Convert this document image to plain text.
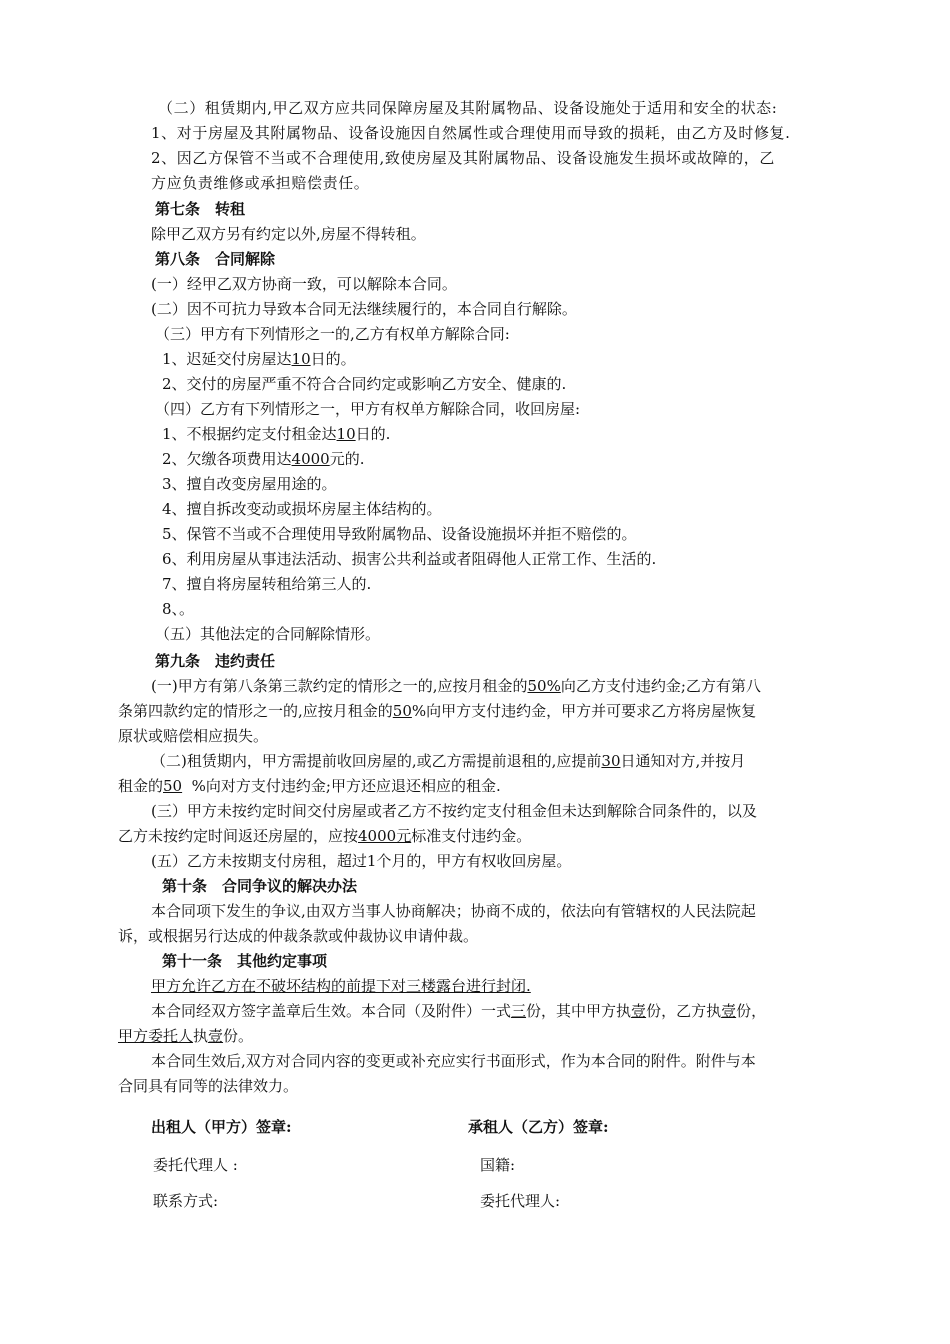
（二）租赁期内,甲乙双方应共同保障房屋及其附属物品、设备设施处于适用和安全的状态:
1、对于房屋及其附属物品、设备设施因自然属性或合理使用而导致的损耗，由乙方及时修复.
2、因乙方保管不当或不合理使用,致使房屋及其附属物品、设备设施发生损坏或故障的，乙
方应负责维修或承担赔偿责任。
第七条　转租
除甲乙双方另有约定以外,房屋不得转租。
第八条　合同解除
(一）经甲乙双方协商一致，可以解除本合同。
(二）因不可抗力导致本合同无法继续履行的，本合同自行解除。
（三）甲方有下列情形之一的,乙方有权单方解除合同:
1、迟延交付房屋达10日的。
2、交付的房屋严重不符合合同约定或影响乙方安全、健康的.
（四）乙方有下列情形之一，甲方有权单方解除合同，收回房屋:
1、不根据约定支付租金达10日的.
2、欠缴各项费用达4000元的.
3、擅自改变房屋用途的。
4、擅自拆改变动或损坏房屋主体结构的。
5、保管不当或不合理使用导致附属物品、设备设施损坏并拒不赔偿的。
6、利用房屋从事违法活动、损害公共利益或者阻碍他人正常工作、生活的.
7、擅自将房屋转租给第三人的.
8、。
（五）其他法定的合同解除情形。
第九条　违约责任
(一)甲方有第八条第三款约定的情形之一的,应按月租金的50%向乙方支付违约金;乙方有第八
条第四款约定的情形之一的,应按月租金的50%向甲方支付违约金，甲方并可要求乙方将房屋恢复
原状或赔偿相应损失。
（二)租赁期内，甲方需提前收回房屋的,或乙方需提前退租的,应提前30日通知对方,并按月
租金的50 %向对方支付违约金;甲方还应退还相应的租金.
(三）甲方未按约定时间交付房屋或者乙方不按约定支付租金但未达到解除合同条件的，以及
乙方未按约定时间返还房屋的，应按4000元标准支付违约金。
(五）乙方未按期支付房租，超过1个月的，甲方有权收回房屋。
第十条　合同争议的解决办法
本合同项下发生的争议,由双方当事人协商解决；协商不成的，依法向有管辖权的人民法院起
诉，或根据另行达成的仲裁条款或仲裁协议申请仲裁。
第十一条　其他约定事项
甲方允许乙方在不破坏结构的前提下对三楼露台进行封闭.
本合同经双方签字盖章后生效。本合同（及附件）一式三份，其中甲方执壹份，乙方执壹份，
甲方委托人执壹份。
本合同生效后,双方对合同内容的变更或补充应实行书面形式，作为本合同的附件。附件与本
合同具有同等的法律效力。
出租人（甲方）签章:	承租人（乙方）签章:
委托代理人 :	国籍:
联系方式:	委托代理人:
